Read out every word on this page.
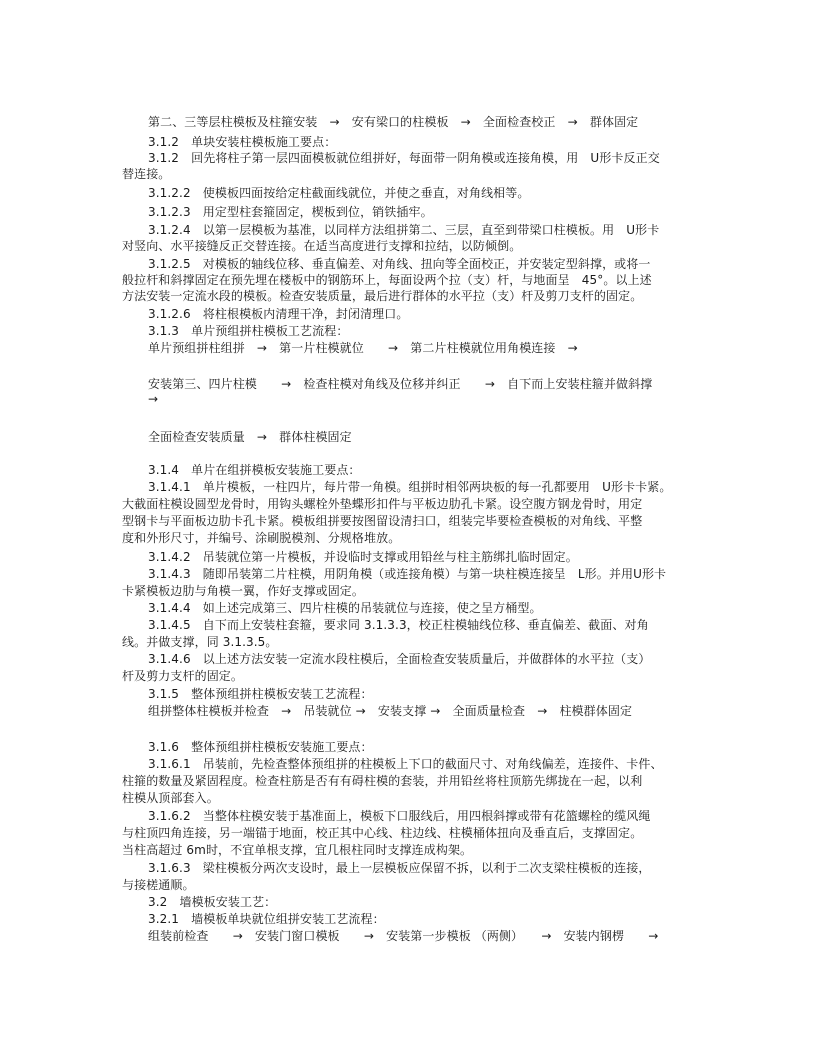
第二、三等层柱模板及柱箍安装　→　安有梁口的柱模板　→　全面检查校正　→　群体固定
3.1.2　单块安装柱模板施工要点：
3.1.2　回先将柱子第一层四面模板就位组拼好，每面带一阴角模或连接角模，用　U形卡反正交
替连接。
3.1.2.2　使模板四面按给定柱截面线就位，并使之垂直，对角线相等。
3.1.2.3　用定型柱套箍固定，楔板到位，销铁插牢。
3.1.2.4　以第一层模板为基准，以同样方法组拼第二、三层，直至到带梁口柱模板。用　U形卡
对竖向、水平接缝反正交替连接。在适当高度进行支撑和拉结，以防倾倒。
3.1.2.5　对模板的轴线位移、垂直偏差、对角线、扭向等全面校正，并安装定型斜撑，或将一
般拉杆和斜撑固定在预先埋在楼板中的钢筋环上，每面设两个拉（支）杆，与地面呈　45°。以上述
方法安装一定流水段的模板。检查安装质量，最后进行群体的水平拉（支）杆及剪刀支杆的固定。
3.1.2.6　将柱根模板内清理干净，封闭清理口。
3.1.3　单片预组拼柱模板工艺流程：
单片预组拼柱组拼　→　第一片柱模就位　　→　第二片柱模就位用角模连接　→
安装第三、四片柱模　　→　检查柱模对角线及位移并纠正　　→　自下而上安装柱箍并做斜撑
→
全面检查安装质量　→　群体柱模固定
3.1.4　单片在组拼模板安装施工要点：
3.1.4.1　单片模板，一柱四片，每片带一角模。组拼时相邻两块板的每一孔都要用　U形卡卡紧。
大截面柱模设圆型龙骨时，用钩头螺栓外垫蝶形扣件与平板边肋孔卡紧。设空腹方钢龙骨时，用定
型钢卡与平面板边肋卡孔卡紧。模板组拼要按图留设清扫口，组装完毕要检查模板的对角线、平整
度和外形尺寸，并编号、涂刷脱模剂、分规格堆放。
3.1.4.2　吊装就位第一片模板，并设临时支撑或用铅丝与柱主筋绑扎临时固定。
3.1.4.3　随即吊装第二片柱模，用阴角模（或连接角模）与第一块柱模连接呈　L形。并用U形卡
卡紧模板边肋与角模一翼，作好支撑或固定。
3.1.4.4　如上述完成第三、四片柱模的吊装就位与连接，使之呈方桶型。
3.1.4.5　自下而上安装柱套箍，要求同 3.1.3.3，校正柱模轴线位移、垂直偏差、截面、对角
线。并做支撑，同 3.1.3.5。
3.1.4.6　以上述方法安装一定流水段柱模后，全面检查安装质量后，并做群体的水平拉（支）
杆及剪力支杆的固定。
3.1.5　整体预组拼柱模板安装工艺流程：
组拼整体柱模板并检查　→　吊装就位 →　安装支撑 →　全面质量检查　→　柱模群体固定
3.1.6　整体预组拼柱模板安装施工要点：
3.1.6.1　吊装前，先检查整体预组拼的柱模板上下口的截面尺寸、对角线偏差，连接件、卡件、
柱箍的数量及紧固程度。检查柱筋是否有有碍柱模的套装，并用铅丝将柱顶筋先绑拢在一起，以利
柱模从顶部套入。
3.1.6.2　当整体柱模安装于基准面上，模板下口服线后，用四根斜撑或带有花篮螺栓的缆风绳
与柱顶四角连接，另一端锚于地面，校正其中心线、柱边线、柱模桶体扭向及垂直后，支撑固定。
当柱高超过 6m时，不宜单根支撑，宜几根柱同时支撑连成构架。
3.1.6.3　梁柱模板分两次支设时，最上一层模板应保留不拆，以利于二次支梁柱模板的连接，
与接槎通顺。
3.2　墙模板安装工艺：
3.2.1　墙模板单块就位组拼安装工艺流程：
组装前检查　　→　安装门窗口模板　　→　安装第一步模板 （两侧）　　→　安装内钢楞　　→
